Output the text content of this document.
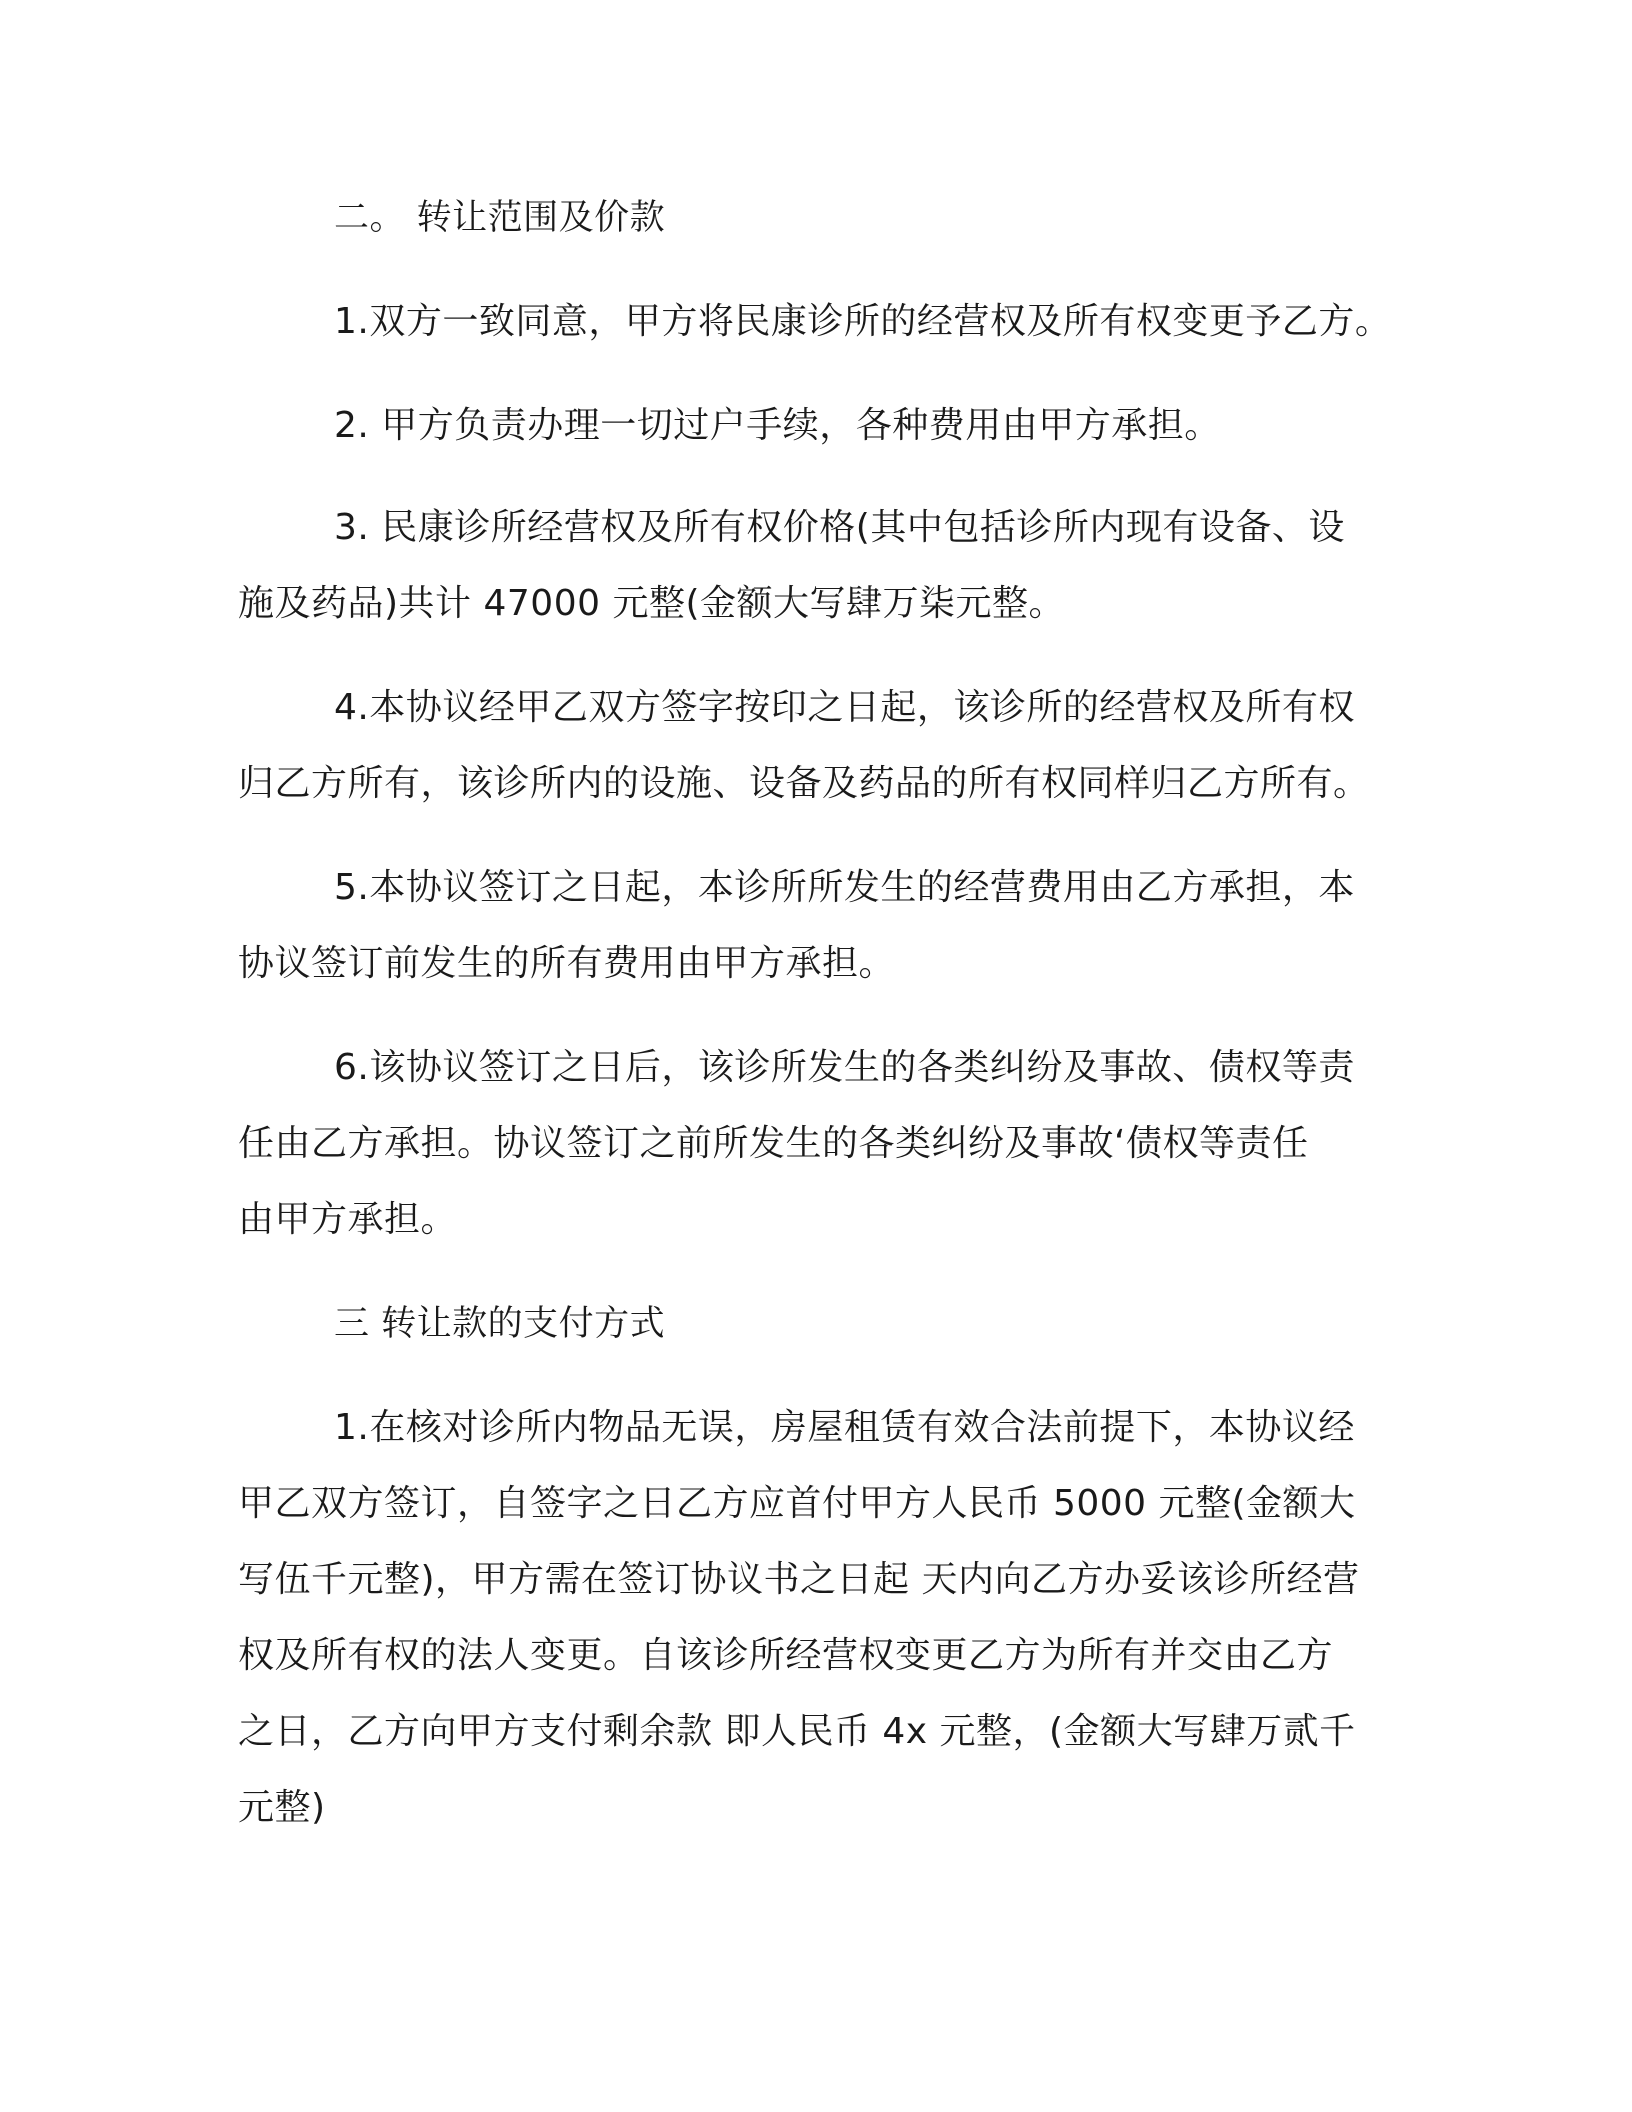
二。 转让范围及价款
1.双方一致同意，甲方将民康诊所的经营权及所有权变更予乙方。
2. 甲方负责办理一切过户手续，各种费用由甲方承担。
3. 民康诊所经营权及所有权价格(其中包括诊所内现有设备、设
施及药品)共计 47000 元整(金额大写肆万柒元整。
4.本协议经甲乙双方签字按印之日起，该诊所的经营权及所有权
归乙方所有，该诊所内的设施、设备及药品的所有权同样归乙方所有。
5.本协议签订之日起，本诊所所发生的经营费用由乙方承担，本
协议签订前发生的所有费用由甲方承担。
6.该协议签订之日后，该诊所发生的各类纠纷及事故、债权等责
任由乙方承担。协议签订之前所发生的各类纠纷及事故‘债权等责任
由甲方承担。
三 转让款的支付方式
1.在核对诊所内物品无误，房屋租赁有效合法前提下，本协议经
甲乙双方签订，自签字之日乙方应首付甲方人民币 5000 元整(金额大
写伍千元整)，甲方需在签订协议书之日起 天内向乙方办妥该诊所经营
权及所有权的法人变更。自该诊所经营权变更乙方为所有并交由乙方
之日，乙方向甲方支付剩余款 即人民币 4x 元整，(金额大写肆万贰千
元整)
